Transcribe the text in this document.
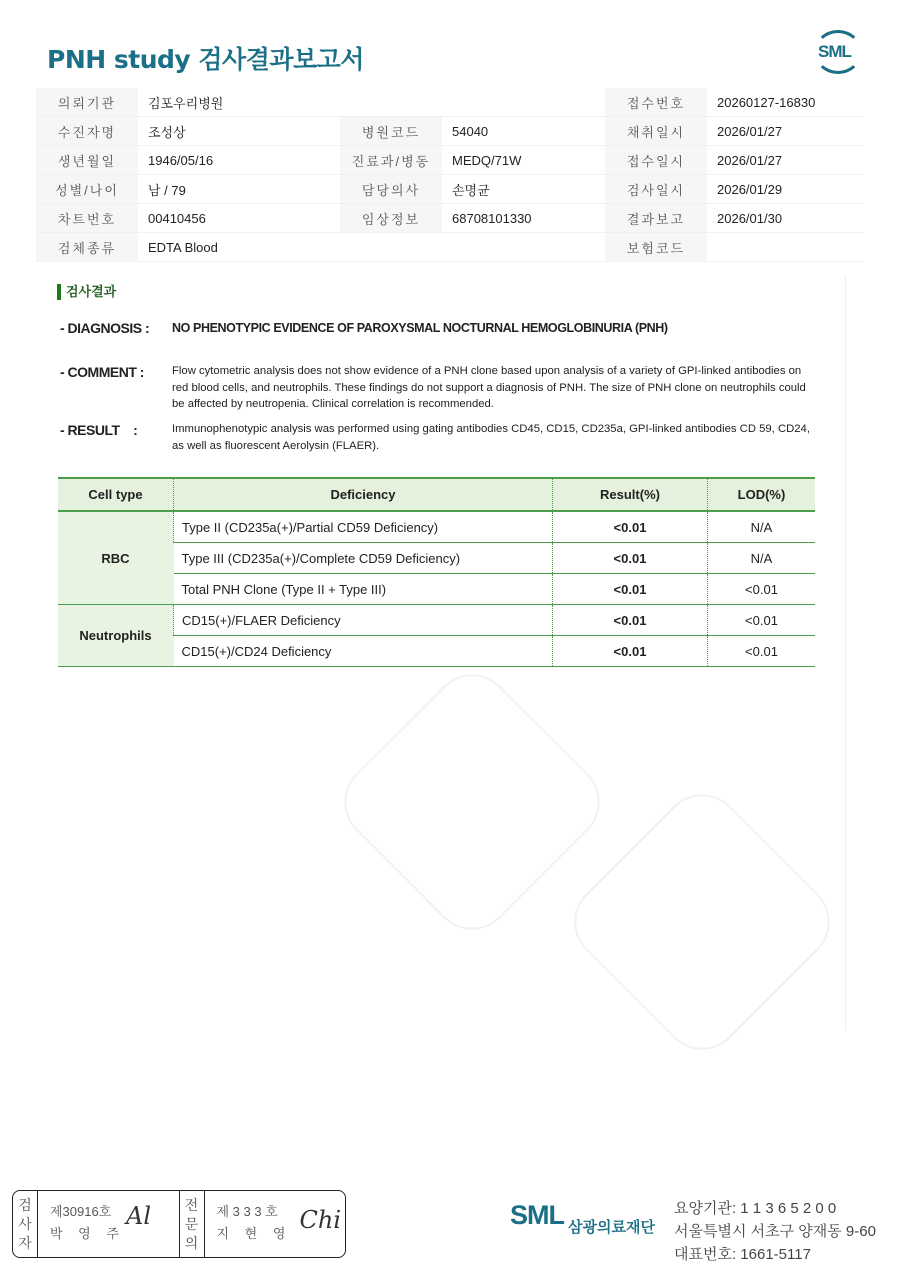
PNH study 검사결과보고서	SML
의뢰기관	김포우리병원			접수번호	20260127-16830
수진자명	조성상	병원코드	54040	채취일시	2026/01/27
생년월일	1946/05/16	진료과/병동	MEDQ/71W	접수일시	2026/01/27
성별/나이	남 / 79	담당의사	손명균	검사일시	2026/01/29
차트번호	00410456	임상정보	68708101330	결과보고	2026/01/30
검체종류	EDTA Blood			보험코드	
검사결과
- DIAGNOSIS : NO PHENOTYPIC EVIDENCE OF PAROXYSMAL NOCTURNAL HEMOGLOBINURIA (PNH)
- COMMENT : Flow cytometric analysis does not show evidence of a PNH clone based upon analysis of a variety of GPI-linked antibodies on red blood cells, and neutrophils. These findings do not support a diagnosis of PNH. The size of PNH clone on neutrophils could be affected by neutropenia. Clinical correlation is recommended.
- RESULT    :	Immunophenotypic analysis was performed using gating antibodies CD45, CD15, CD235a, GPI-linked antibodies CD 59, CD24, as well as fluorescent Aerolysin (FLAER).
Cell type	Deficiency	Result(%)	LOD(%)
RBC	Type II (CD235a(+)/Partial CD59 Deficiency)	<0.01	N/A
	Type III (CD235a(+)/Complete CD59 Deficiency)	<0.01	N/A
	Total PNH Clone (Type II + Type III)	<0.01	<0.01
Neutrophils	CD15(+)/FLAER Deficiency	<0.01	<0.01
	CD15(+)/CD24 Deficiency	<0.01	<0.01
검사자
제30916호
박 영 주
Al 전문의
제 3 3 3 호
지 현 영 Chi	SML 삼광의료재단
요양기관: 1 1 3 6 5 2 0 0
서울특별시 서초구 양재동 9-60
대표번호: 1661-5117
